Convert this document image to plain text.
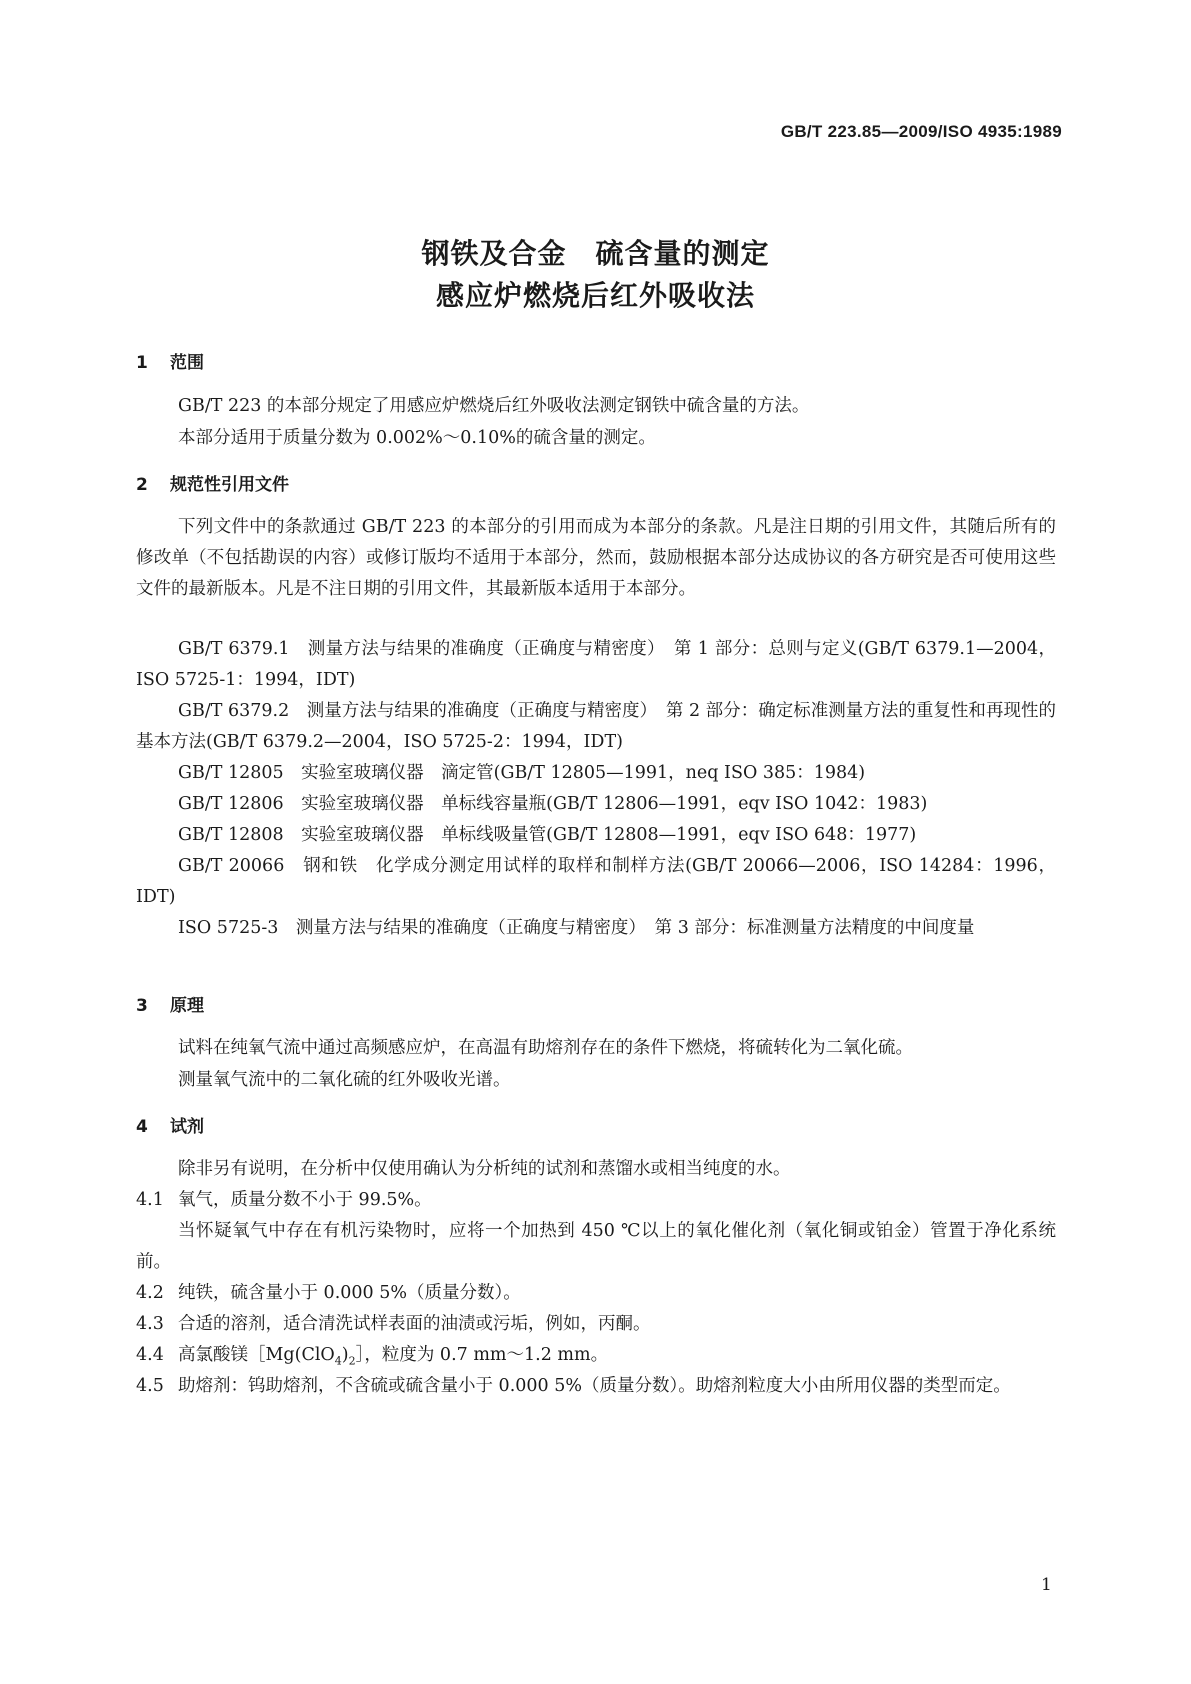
GB/T 223.85—2009/ISO 4935:1989
钢铁及合金　硫含量的测定
感应炉燃烧后红外吸收法
1 范围
GB/T 223 的本部分规定了用感应炉燃烧后红外吸收法测定钢铁中硫含量的方法。
本部分适用于质量分数为 0.002%～0.10%的硫含量的测定。
2 规范性引用文件
下列文件中的条款通过 GB/T 223 的本部分的引用而成为本部分的条款。凡是注日期的引用文件，其随后所有的修改单（不包括勘误的内容）或修订版均不适用于本部分，然而，鼓励根据本部分达成协议的各方研究是否可使用这些文件的最新版本。凡是不注日期的引用文件，其最新版本适用于本部分。
GB/T 6379.1　测量方法与结果的准确度（正确度与精密度）　第 1 部分：总则与定义(GB/T 6379.1—2004，ISO 5725-1：1994，IDT)
GB/T 6379.2　测量方法与结果的准确度（正确度与精密度）　第 2 部分：确定标准测量方法的重复性和再现性的基本方法(GB/T 6379.2—2004，ISO 5725-2：1994，IDT)
GB/T 12805　实验室玻璃仪器　滴定管(GB/T 12805—1991，neq ISO 385：1984)
GB/T 12806　实验室玻璃仪器　单标线容量瓶(GB/T 12806—1991，eqv ISO 1042：1983)
GB/T 12808　实验室玻璃仪器　单标线吸量管(GB/T 12808—1991，eqv ISO 648：1977)
GB/T 20066　钢和铁　化学成分测定用试样的取样和制样方法(GB/T 20066—2006，ISO 14284：1996，IDT)
ISO 5725-3　测量方法与结果的准确度（正确度与精密度）　第 3 部分：标准测量方法精度的中间度量
3 原理
试料在纯氧气流中通过高频感应炉，在高温有助熔剂存在的条件下燃烧，将硫转化为二氧化硫。
测量氧气流中的二氧化硫的红外吸收光谱。
4 试剂
除非另有说明，在分析中仅使用确认为分析纯的试剂和蒸馏水或相当纯度的水。
4.1 氧气，质量分数不小于 99.5%。
当怀疑氧气中存在有机污染物时，应将一个加热到 450 ℃以上的氧化催化剂（氧化铜或铂金）管置于净化系统前。
4.2 纯铁，硫含量小于 0.000 5%（质量分数）。
4.3 合适的溶剂，适合清洗试样表面的油渍或污垢，例如，丙酮。
4.4 高氯酸镁$[Mg(ClO_4)_2]$，粒度为 0.7 mm～1.2 mm。
4.5 助熔剂：钨助熔剂，不含硫或硫含量小于 0.000 5%（质量分数）。助熔剂粒度大小由所用仪器的类型而定。
1
